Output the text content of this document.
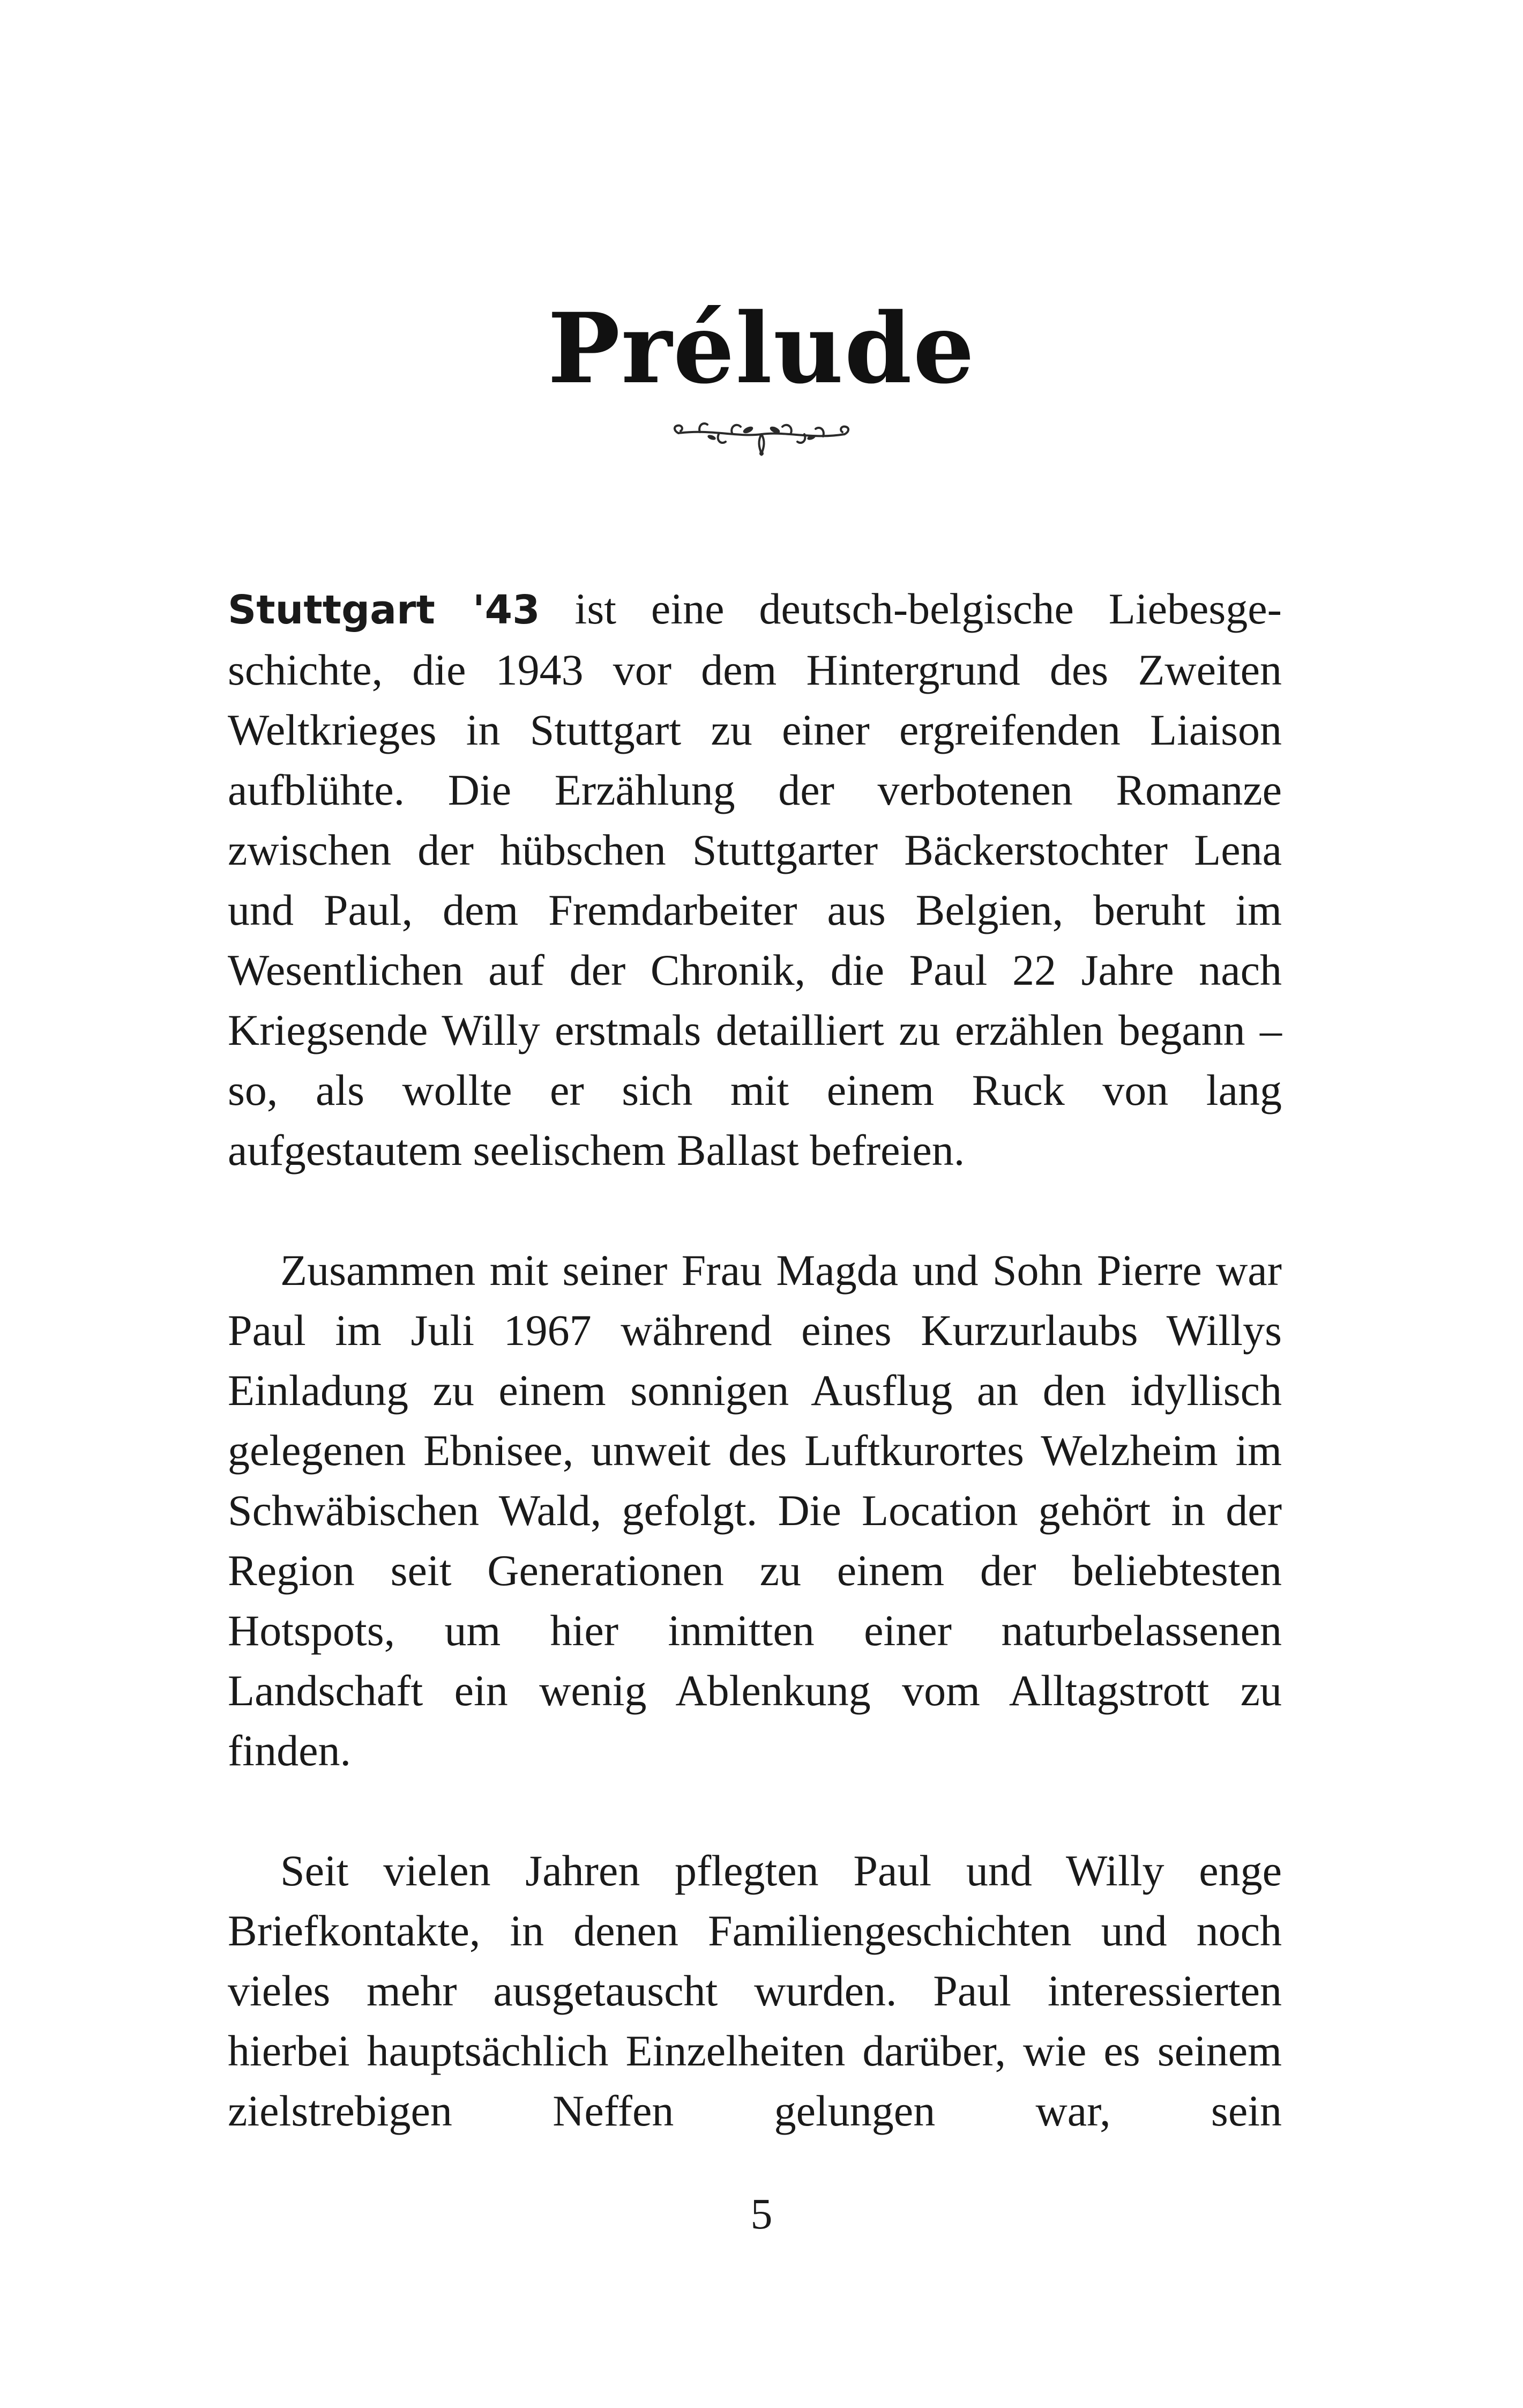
Prélude

Stuttgart '43 ist eine deutsch-belgische Liebesgeschichte, die 1943 vor dem Hintergrund des Zweiten Weltkrieges in Stuttgart zu einer ergreifenden Liaison aufblühte. Die Erzählung der verbotenen Romanze zwischen der hübschen Stuttgarter Bäckerstochter Lena und Paul, dem Fremdarbeiter aus Belgien, beruht im Wesentlichen auf der Chronik, die Paul 22 Jahre nach Kriegsende Willy erstmals detailliert zu erzählen begann – so, als wollte er sich mit einem Ruck von lang aufgestautem seelischem Ballast befreien.

Zusammen mit seiner Frau Magda und Sohn Pierre war Paul im Juli 1967 während eines Kurzurlaubs Willys Einladung zu einem sonnigen Ausflug an den idyllisch gelegenen Ebnisee, unweit des Luftkurortes Welzheim im Schwäbischen Wald, gefolgt. Die Location gehört in der Region seit Generationen zu einem der beliebtesten Hotspots, um hier inmitten einer naturbelassenen Landschaft ein wenig Ablenkung vom Alltagstrott zu finden.

Seit vielen Jahren pflegten Paul und Willy enge Briefkontakte, in denen Familiengeschichten und noch vieles mehr ausgetauscht wurden. Paul interessierten hierbei hauptsächlich Einzelheiten darüber, wie es seinem zielstrebigen Neffen gelungen war, sein

5
